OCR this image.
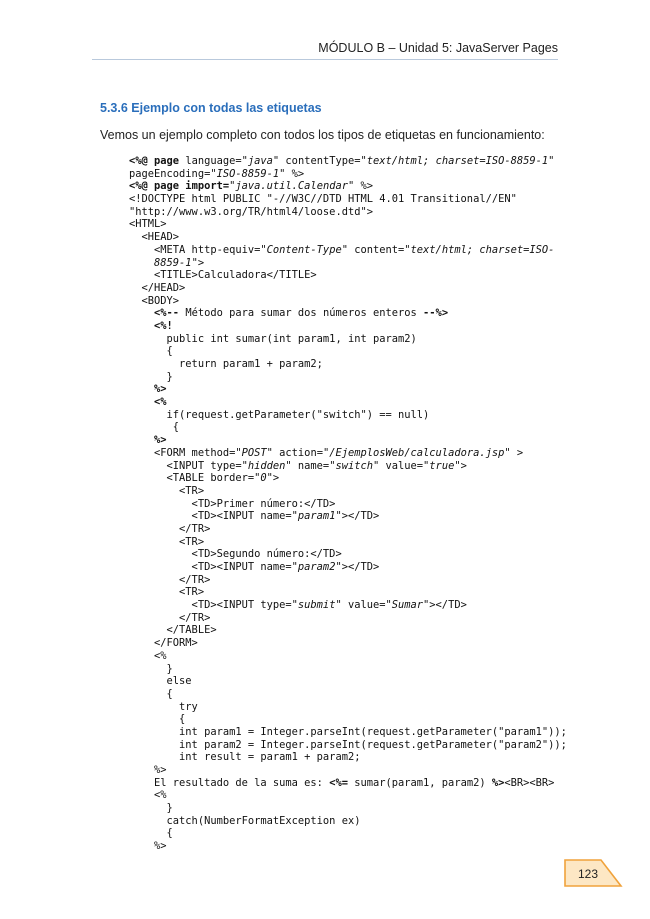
MÓDULO B – Unidad 5: JavaServer Pages
5.3.6 Ejemplo con todas las etiquetas
Vemos un ejemplo completo con todos los tipos de etiquetas en funcionamiento:
<%@ page language="java" contentType="text/html; charset=ISO-8859-1"
pageEncoding="ISO-8859-1" %>
<%@ page import="java.util.Calendar" %>
<!DOCTYPE html PUBLIC "-//W3C//DTD HTML 4.01 Transitional//EN"
"http://www.w3.org/TR/html4/loose.dtd">
<HTML>
<HEAD>
<META http-equiv="Content-Type" content="text/html; charset=ISO-
8859-1">
<TITLE>Calculadora</TITLE>
</HEAD>
<BODY>
<%-- Método para sumar dos números enteros --%>
<%!
public int sumar(int param1, int param2)
{
return param1 + param2;
}
%>
<%
if(request.getParameter("switch") == null)
{
%>
<FORM method="POST" action="/EjemplosWeb/calculadora.jsp" >
<INPUT type="hidden" name="switch" value="true">
<TABLE border="0">
<TR>
<TD>Primer número:</TD>
<TD><INPUT name="param1"></TD>
</TR>
<TR>
<TD>Segundo número:</TD>
<TD><INPUT name="param2"></TD>
</TR>
<TR>
<TD><INPUT type="submit" value="Sumar"></TD>
</TR>
</TABLE>
</FORM>
<%
}
else
{
try
{
int param1 = Integer.parseInt(request.getParameter("param1"));
int param2 = Integer.parseInt(request.getParameter("param2"));
int result = param1 + param2;
%>
El resultado de la suma es: <%= sumar(param1, param2) %><BR><BR>
<%
}
catch(NumberFormatException ex)
{
%>
123
